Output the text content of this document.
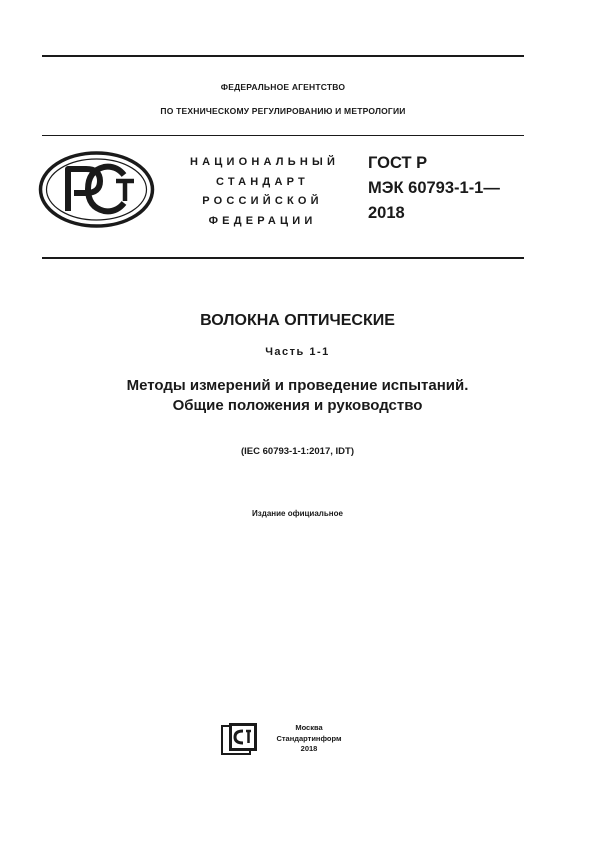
ФЕДЕРАЛЬНОЕ АГЕНТСТВО
ПО ТЕХНИЧЕСКОМУ РЕГУЛИРОВАНИЮ И МЕТРОЛОГИИ
НАЦИОНАЛЬНЫЙ
СТАНДАРТ
РОССИЙСКОЙ
ФЕДЕРАЦИИ
ГОСТ Р
МЭК 60793-1-1—
2018
ВОЛОКНА ОПТИЧЕСКИЕ
Часть 1-1
Методы измерений и проведение испытаний.
Общие положения и руководство
(IEC 60793-1-1:2017, IDT)
Издание официальное
Москва
Стандартинформ
2018
